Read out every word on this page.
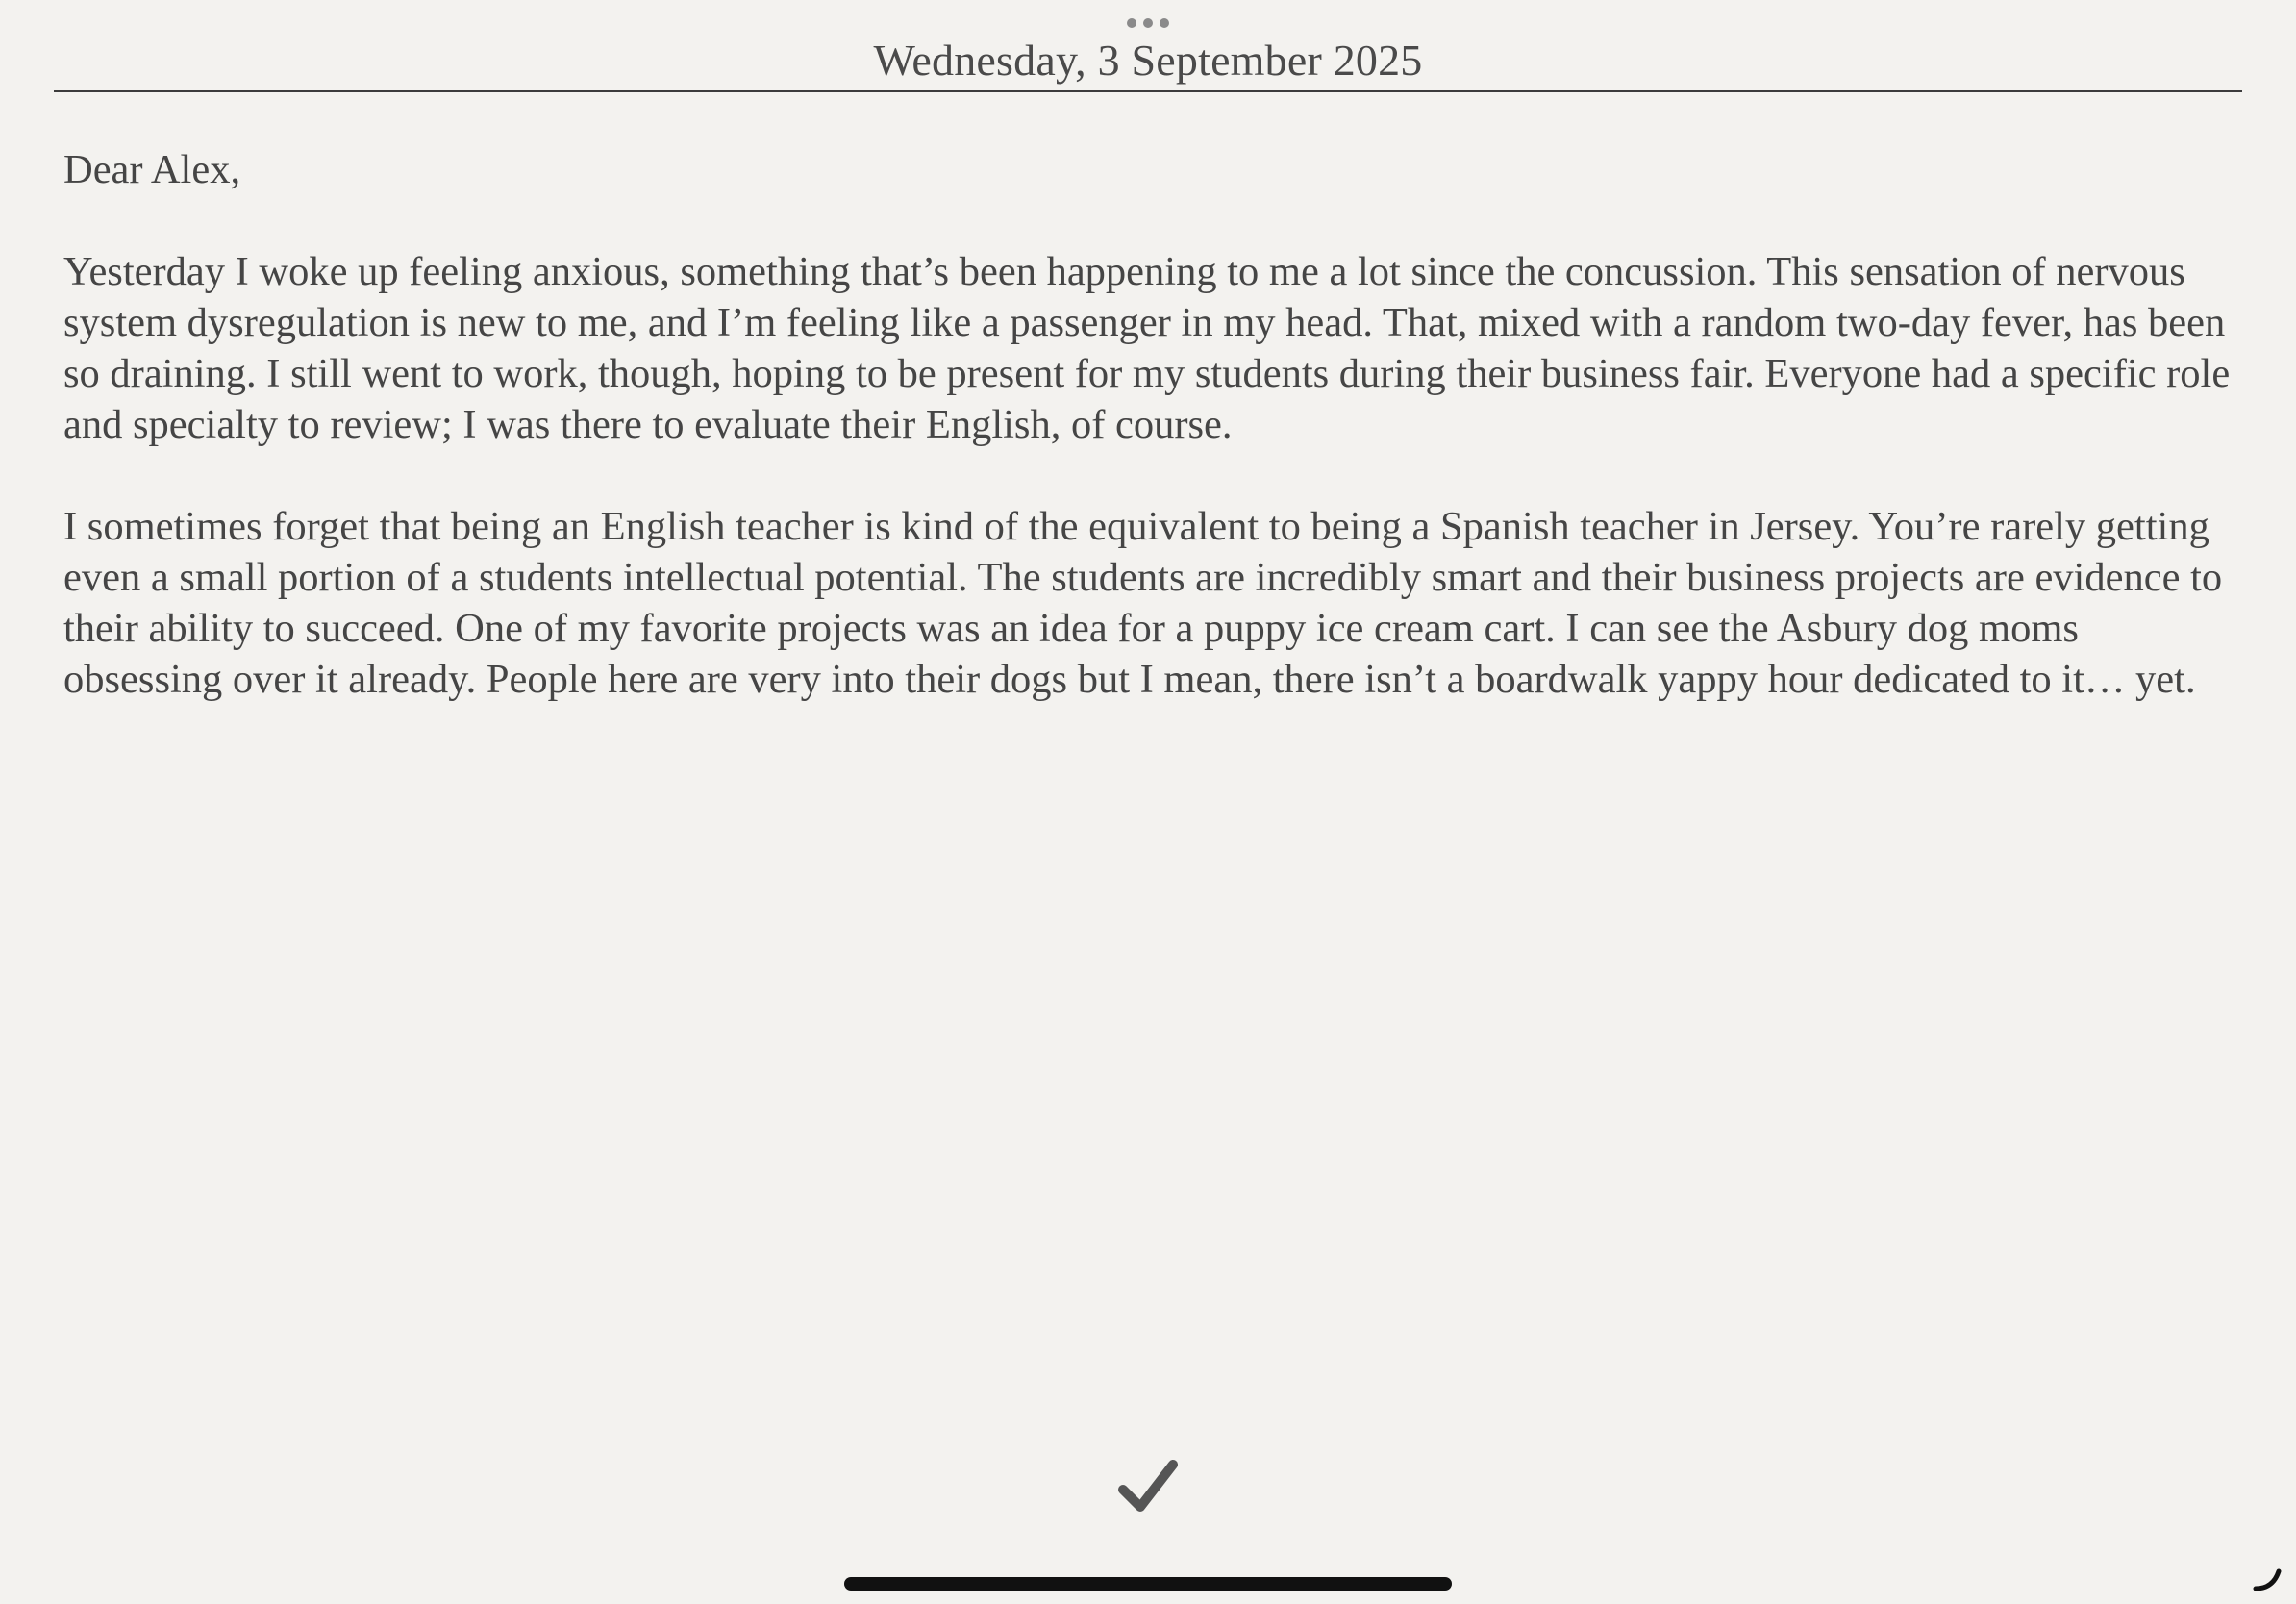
Wednesday, 3 September 2025

Dear Alex,

Yesterday I woke up feeling anxious, something that’s been happening to me a lot since the concussion. This sensation of nervous system dysregulation is new to me, and I’m feeling like a passenger in my head. That, mixed with a random two-day fever, has been so draining. I still went to work, though, hoping to be present for my students during their business fair. Everyone had a specific role and specialty to review; I was there to evaluate their English, of course.

I sometimes forget that being an English teacher is kind of the equivalent to being a Spanish teacher in Jersey. You’re rarely getting even a small portion of a students intellectual potential. The students are incredibly smart and their business projects are evidence to their ability to succeed. One of my favorite projects was an idea for a puppy ice cream cart. I can see the Asbury dog moms obsessing over it already. People here are very into their dogs but I mean, there isn’t a boardwalk yappy hour dedicated to it… yet.
